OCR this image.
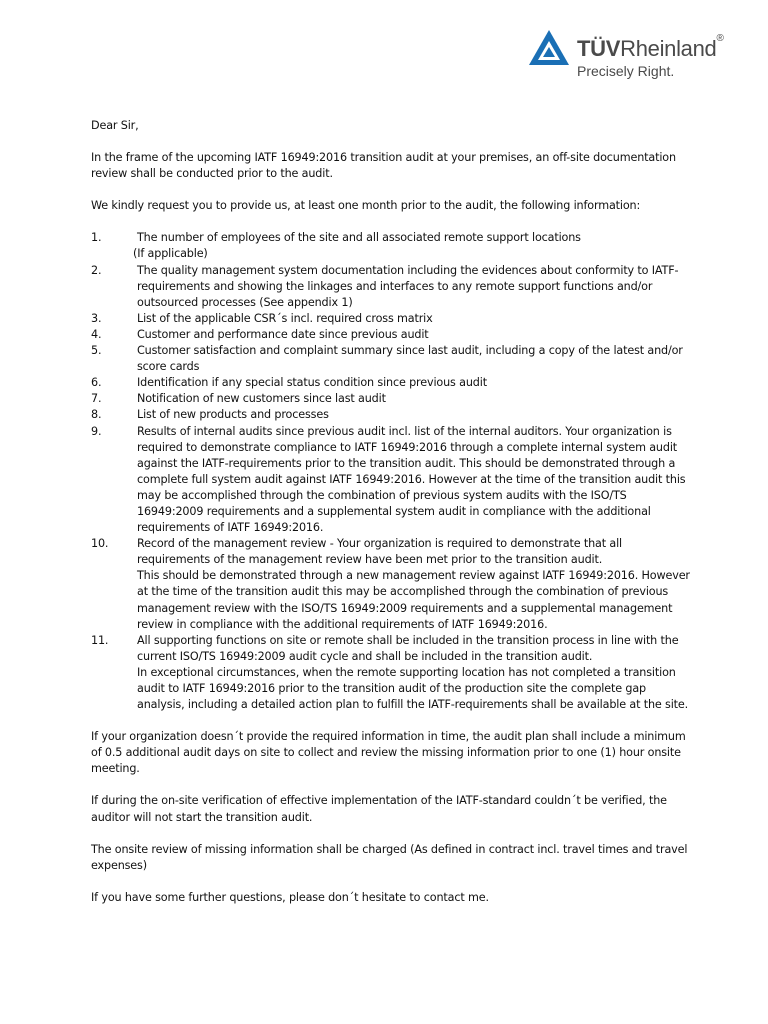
TÜVRheinland®
Precisely Right.

Dear Sir,

In the frame of the upcoming IATF 16949:2016 transition audit at your premises, an off-site documentation review shall be conducted prior to the audit.

We kindly request you to provide us, at least one month prior to the audit, the following information:

1.	The number of employees of the site and all associated remote support locations
(If applicable)
2.	The quality management system documentation including the evidences about conformity to IATF-requirements and showing the linkages and interfaces to any remote support functions and/or outsourced processes (See appendix 1)
3.	List of the applicable CSR´s incl. required cross matrix
4.	Customer and performance date since previous audit
5.	Customer satisfaction and complaint summary since last audit, including a copy of the latest and/or score cards
6.	Identification if any special status condition since previous audit
7.	Notification of new customers since last audit
8.	List of new products and processes
9.	Results of internal audits since previous audit incl. list of the internal auditors. Your organization is required to demonstrate compliance to IATF 16949:2016 through a complete internal system audit against the IATF-requirements prior to the transition audit. This should be demonstrated through a complete full system audit against IATF 16949:2016. However at the time of the transition audit this may be accomplished through the combination of previous system audits with the ISO/TS 16949:2009 requirements and a supplemental system audit in compliance with the additional requirements of IATF 16949:2016.
10.	Record of the management review - Your organization is required to demonstrate that all requirements of the management review have been met prior to the transition audit.
This should be demonstrated through a new management review against IATF 16949:2016. However at the time of the transition audit this may be accomplished through the combination of previous management review with the ISO/TS 16949:2009 requirements and a supplemental management review in compliance with the additional requirements of IATF 16949:2016.
11.	All supporting functions on site or remote shall be included in the transition process in line with the current ISO/TS 16949:2009 audit cycle and shall be included in the transition audit.
In exceptional circumstances, when the remote supporting location has not completed a transition audit to IATF 16949:2016 prior to the transition audit of the production site the complete gap analysis, including a detailed action plan to fulfill the IATF-requirements shall be available at the site.

If your organization doesn´t provide the required information in time, the audit plan shall include a minimum of 0.5 additional audit days on site to collect and review the missing information prior to one (1) hour onsite meeting.

If during the on-site verification of effective implementation of the IATF-standard couldn´t be verified, the auditor will not start the transition audit.

The onsite review of missing information shall be charged (As defined in contract incl. travel times and travel expenses)

If you have some further questions, please don´t hesitate to contact me.
